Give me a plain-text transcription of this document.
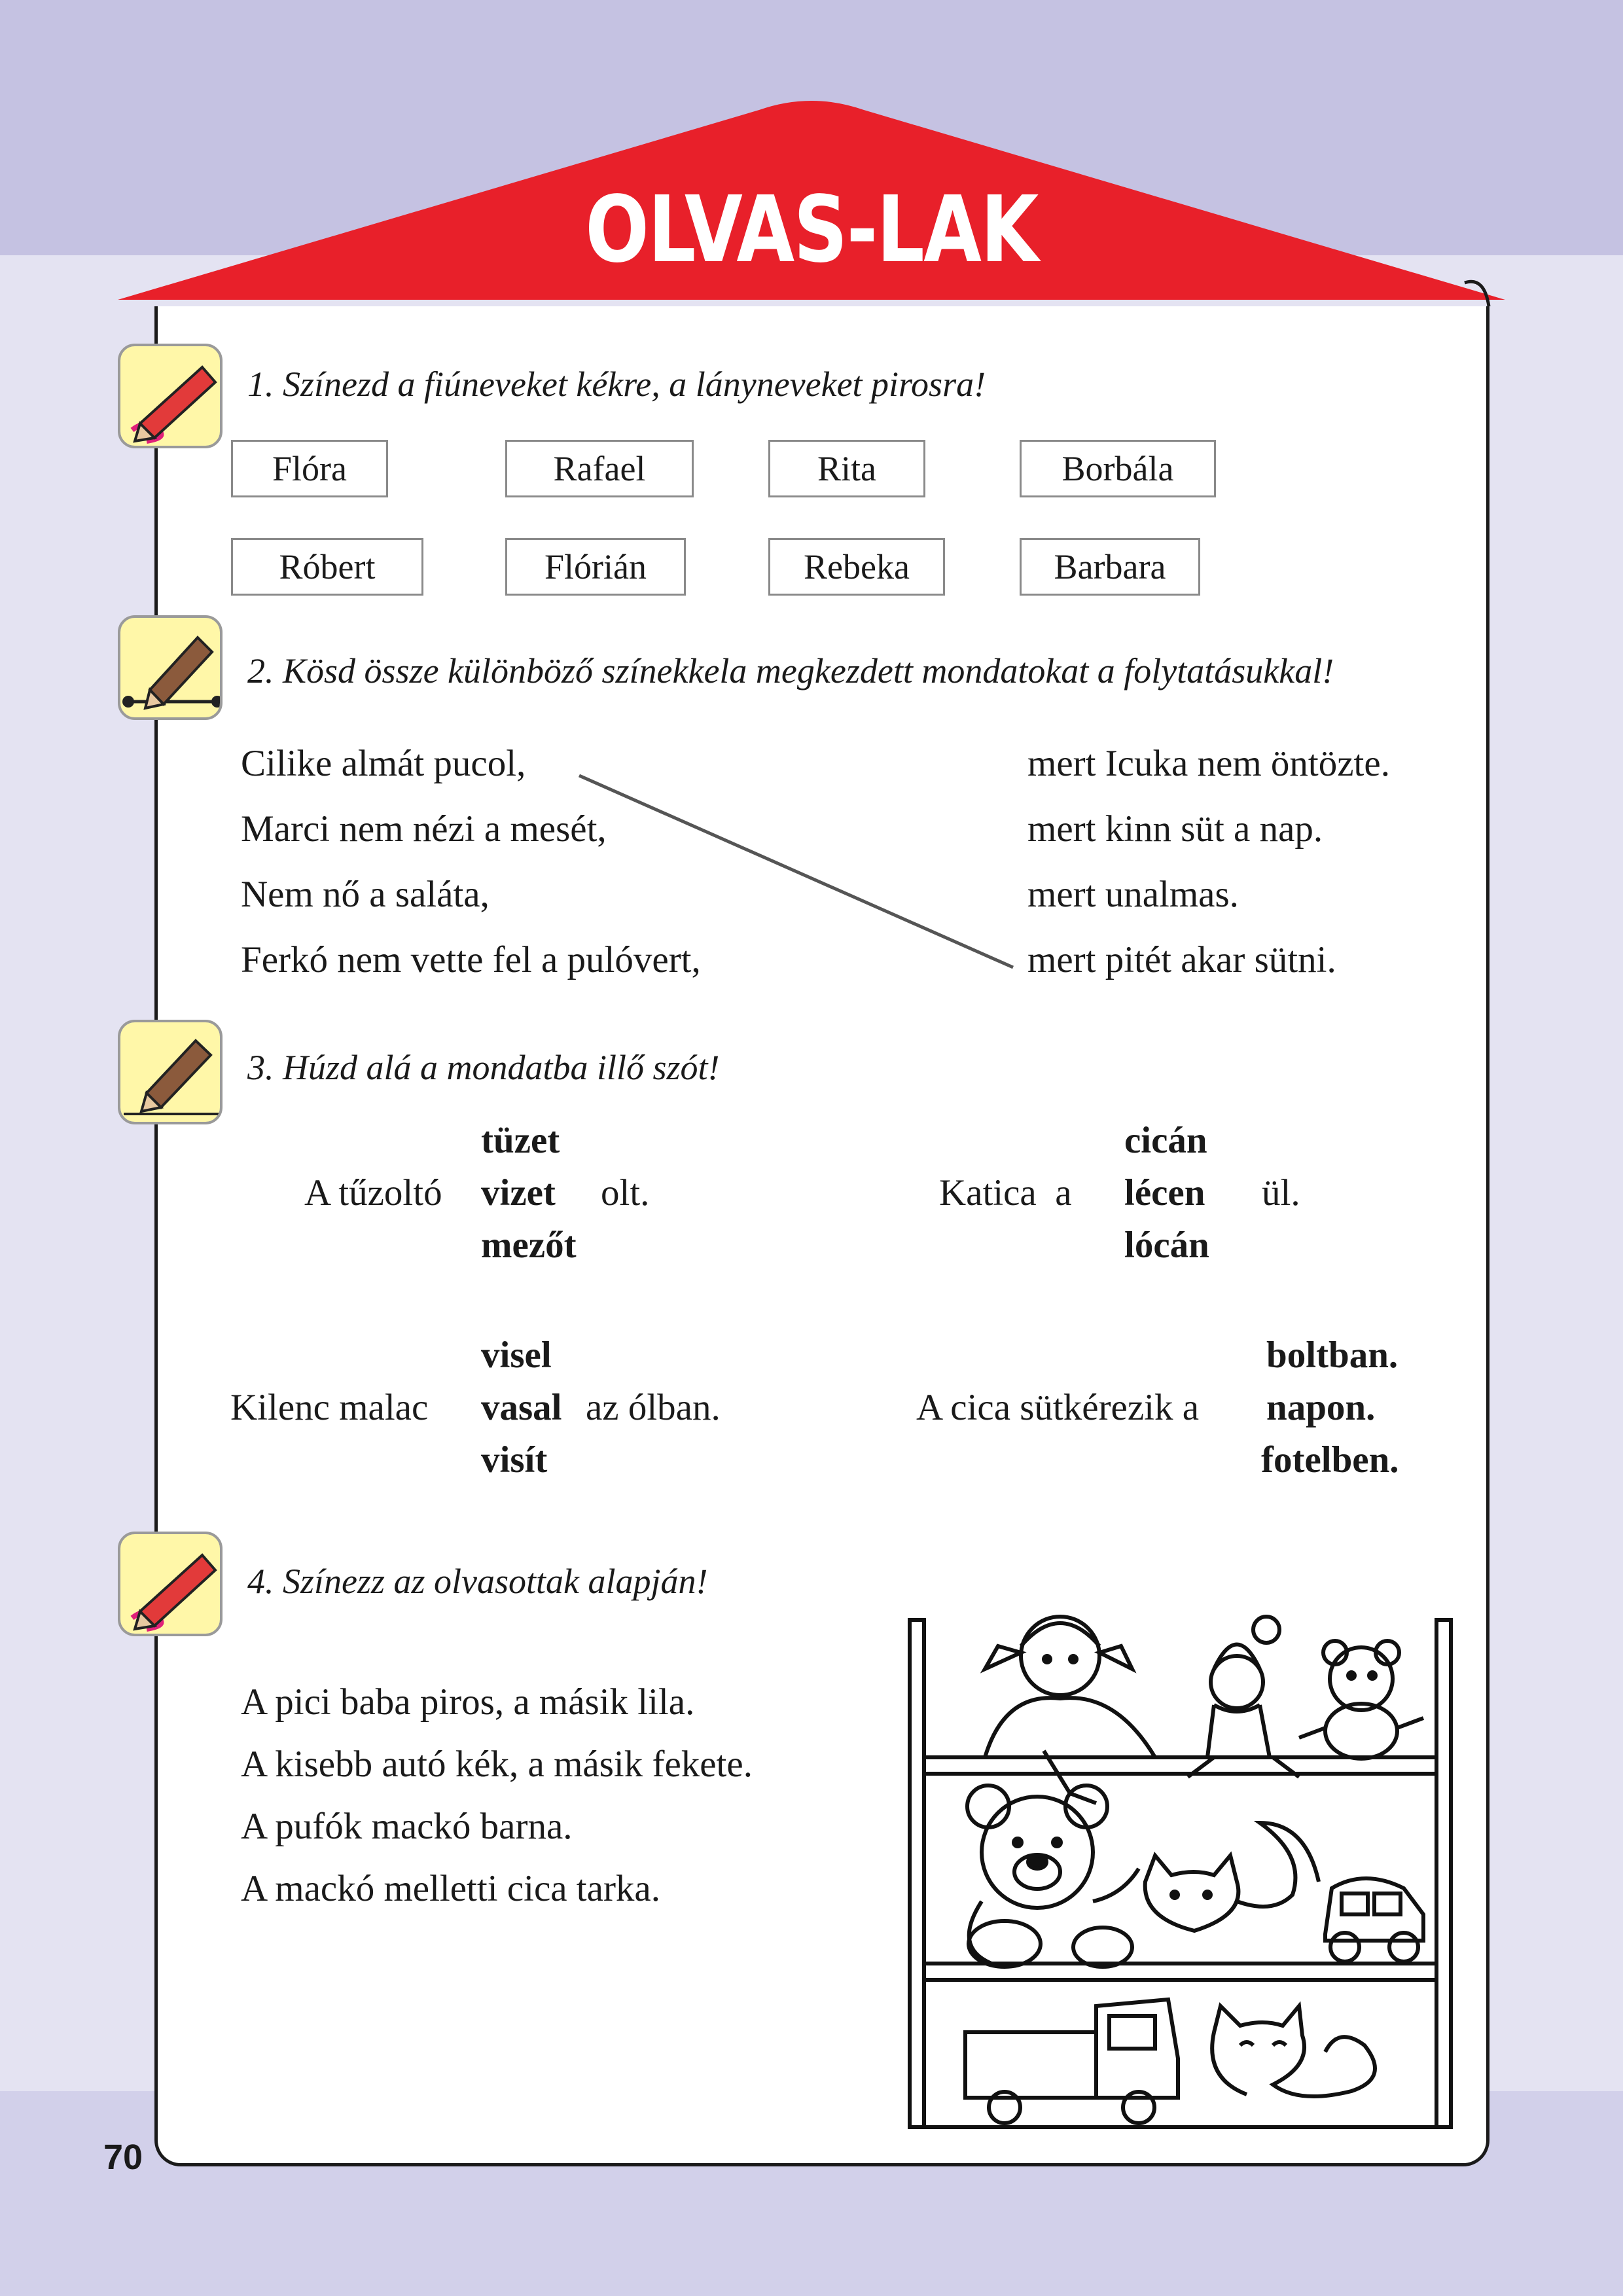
OLVAS-LAK
1. Színezd a fiúneveket kékre, a lányneveket pirosra!
Flóra	Rafael	Rita	Borbála
Róbert	Flórián	Rebeka	Barbara
2. Kösd össze különböző színekkela megkezdett mondatokat a folytatásukkal!
Cilike almát pucol,
Marci nem nézi a mesét,
Nem nő a saláta,
Ferkó nem vette fel a pulóvert,
mert Icuka nem öntözte.
mert kinn süt a nap.
mert unalmas.
mert pitét akar sütni.
3. Húzd alá a mondatba illő szót!
A tűzoltó
tüzet
vizet
mezőt
olt.	Katica  a
cicán
lécen
lócán
ül.
Kilenc malac
visel
vasal
visít
az ólban.	A cica sütkérezik a
boltban.
napon.
fotelben.
4. Színezz az olvasottak alapján!
A pici baba piros, a másik lila.
A kisebb autó kék, a másik fekete.
A pufók mackó barna.
A mackó melletti cica tarka.
70
